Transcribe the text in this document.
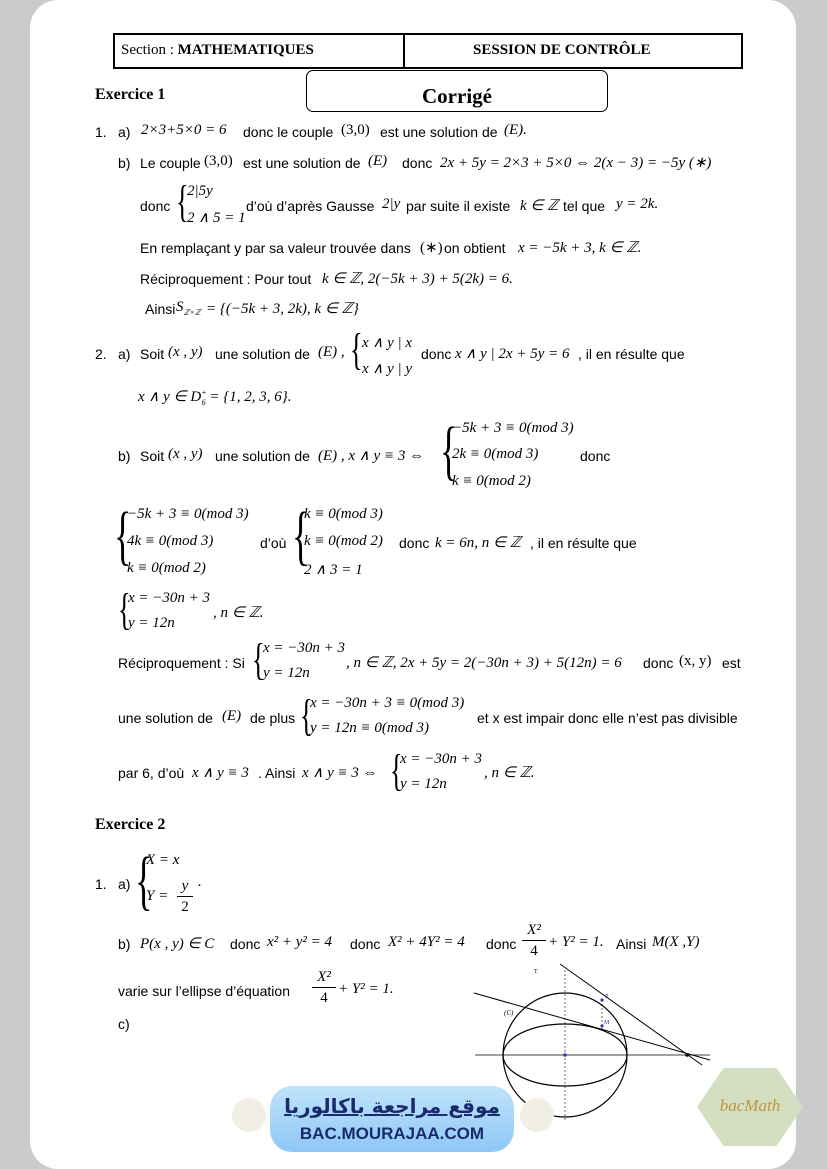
Section : MATHEMATIQUES	SESSION DE CONTRÔLE
Corrigé
Exercice 1
1. a) 2×3+5×0 = 6 donc le couple (3,0) est une solution de (E).
b) Le couple (3,0) est une solution de (E) donc 2x + 5y = 2×3 + 5×0 ⇔ 2(x − 3) = −5y (∗)
donc {
2|5y
2 ∧ 5 = 1
d’où d’après Gausse 2|y par suite il existe k ∈ ℤ tel que y = 2k.
En remplaçant y par sa valeur trouvée dans (∗) on obtient x = −5k + 3, k ∈ ℤ.
Réciproquement : Pour tout k ∈ ℤ, 2(−5k + 3) + 5(2k) = 6.
Ainsi $S_{ℤ\times ℤ} = \{(-5k + 3$, 2k), k ∈ ℤ}
2. a) Soit (x , y) une solution de (E) , { x ∧ y | x
x ∧ y | y
donc x ∧ y | 2x + 5y = 6 , il en résulte que
x ∧ y ∈ $D^+_6 = \{1$, 2, 3, 6}.
b) Soit (x , y) une solution de (E) , x ∧ y ≡ 3 ⇔ {
−5k + 3 ≡ 0(mod 3)
2k ≡ 0(mod 3)
k ≡ 0(mod 2)
donc
{
−5k + 3 ≡ 0(mod 3)
4k ≡ 0(mod 3)
k ≡ 0(mod 2)
d’où {
k ≡ 0(mod 3)
k ≡ 0(mod 2)
2 ∧ 3 = 1
donc k = 6n, n ∈ ℤ , il en résulte que
{
x = −30n + 3
y = 12n
, n ∈ ℤ.
Réciproquement : Si {
x = −30n + 3
y = 12n
, n ∈ ℤ, 2x + 5y = 2(−30n + 3) + 5(12n) = 6 donc (x, y) est
une solution de (E) de plus {
x = −30n + 3 ≡ 0(mod 3)
y = 12n ≡ 0(mod 3)
et x est impair donc elle n’est pas divisible
par 6, d’où x ∧ y ≡ 3 . Ainsi x ∧ y ≡ 3 ⇔ {
x = −30n + 3
y = 12n
, n ∈ ℤ.
Exercice 2
1. a) {
X = x
Y =
y
2
.
b) P(x , y) ∈ C donc x² + y² = 4 donc X² + 4Y² = 4 donc
X²
4
+ Y² = 1. Ainsi M(X ,Y)
varie sur l’ellipse d’équation
X²
4
+ Y² = 1.
c)
(C)
P
M
T
موقع مراجعة باكالوريا
BAC.MOURAJAA.COM
bacMath
